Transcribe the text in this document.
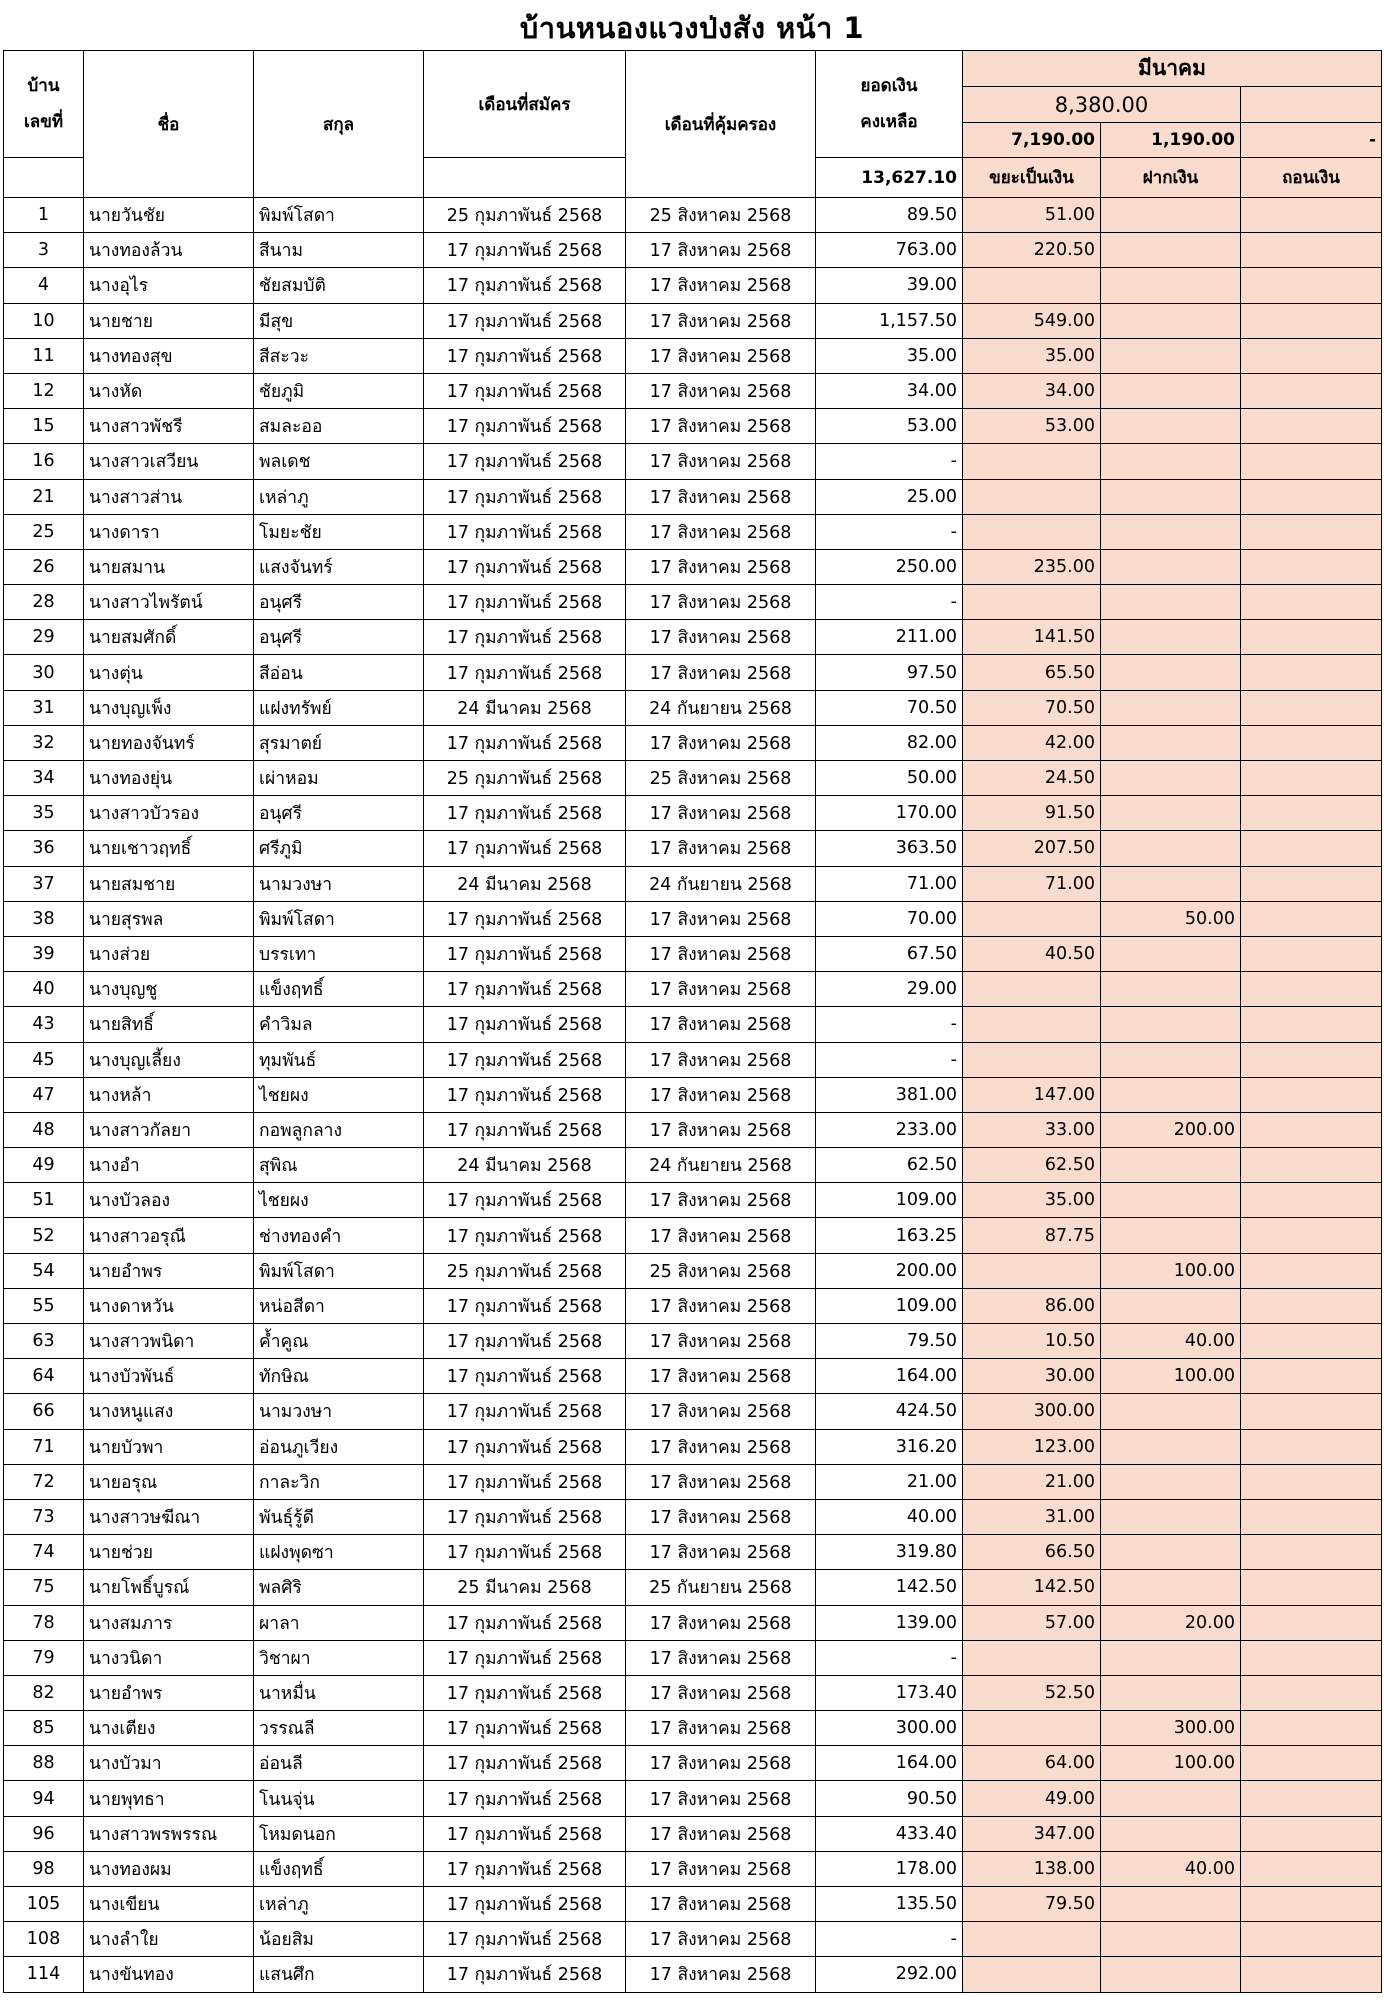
บ้านหนองแวงป่งสัง หน้า 1
บ้าน
เลขที่	ชื่อ	สกุล	เดือนที่สมัคร	เดือนที่คุ้มครอง	ยอดเงิน
คงเหลือ	มีนาคม		
						8,380.00		
						7,190.00	1,190.00	-
					13,627.10	ขยะเป็นเงิน	ฝากเงิน	ถอนเงิน
1	นายวันชัย	พิมพ์โสดา	25 กุมภาพันธ์ 2568	25 สิงหาคม 2568	89.50	51.00		
3	นางทองล้วน	สีนาม	17 กุมภาพันธ์ 2568	17 สิงหาคม 2568	763.00	220.50		
4	นางอุไร	ชัยสมบัติ	17 กุมภาพันธ์ 2568	17 สิงหาคม 2568	39.00			
10	นายชาย	มีสุข	17 กุมภาพันธ์ 2568	17 สิงหาคม 2568	1,157.50	549.00		
11	นางทองสุข	สีสะวะ	17 กุมภาพันธ์ 2568	17 สิงหาคม 2568	35.00	35.00		
12	นางหัด	ชัยภูมิ	17 กุมภาพันธ์ 2568	17 สิงหาคม 2568	34.00	34.00		
15	นางสาวพัชรี	สมละออ	17 กุมภาพันธ์ 2568	17 สิงหาคม 2568	53.00	53.00		
16	นางสาวเสวียน	พลเดช	17 กุมภาพันธ์ 2568	17 สิงหาคม 2568	-			
21	นางสาวส่าน	เหล่าภู	17 กุมภาพันธ์ 2568	17 สิงหาคม 2568	25.00			
25	นางดารา	โมยะชัย	17 กุมภาพันธ์ 2568	17 สิงหาคม 2568	-			
26	นายสมาน	แสงจันทร์	17 กุมภาพันธ์ 2568	17 สิงหาคม 2568	250.00	235.00		
28	นางสาวไพรัตน์	อนุศรี	17 กุมภาพันธ์ 2568	17 สิงหาคม 2568	-			
29	นายสมศักดิ์	อนุศรี	17 กุมภาพันธ์ 2568	17 สิงหาคม 2568	211.00	141.50		
30	นางตุ่น	สีอ่อน	17 กุมภาพันธ์ 2568	17 สิงหาคม 2568	97.50	65.50		
31	นางบุญเพ็ง	แฝงทรัพย์	24 มีนาคม 2568	24 กันยายน 2568	70.50	70.50		
32	นายทองจันทร์	สุรมาตย์	17 กุมภาพันธ์ 2568	17 สิงหาคม 2568	82.00	42.00		
34	นางทองยุ่น	เผ่าหอม	25 กุมภาพันธ์ 2568	25 สิงหาคม 2568	50.00	24.50		
35	นางสาวบัวรอง	อนุศรี	17 กุมภาพันธ์ 2568	17 สิงหาคม 2568	170.00	91.50		
36	นายเชาวฤทธิ์	ศรีภูมิ	17 กุมภาพันธ์ 2568	17 สิงหาคม 2568	363.50	207.50		
37	นายสมชาย	นามวงษา	24 มีนาคม 2568	24 กันยายน 2568	71.00	71.00		
38	นายสุรพล	พิมพ์โสดา	17 กุมภาพันธ์ 2568	17 สิงหาคม 2568	70.00		50.00	
39	นางส่วย	บรรเทา	17 กุมภาพันธ์ 2568	17 สิงหาคม 2568	67.50	40.50		
40	นางบุญชู	แข็งฤทธิ์	17 กุมภาพันธ์ 2568	17 สิงหาคม 2568	29.00			
43	นายสิทธิ์	คำวิมล	17 กุมภาพันธ์ 2568	17 สิงหาคม 2568	-			
45	นางบุญเลี้ยง	ทุมพันธ์	17 กุมภาพันธ์ 2568	17 สิงหาคม 2568	-			
47	นางหล้า	ไชยผง	17 กุมภาพันธ์ 2568	17 สิงหาคม 2568	381.00	147.00		
48	นางสาวกัลยา	กอพลูกลาง	17 กุมภาพันธ์ 2568	17 สิงหาคม 2568	233.00	33.00	200.00	
49	นางอำ	สุพิณ	24 มีนาคม 2568	24 กันยายน 2568	62.50	62.50		
51	นางบัวลอง	ไชยผง	17 กุมภาพันธ์ 2568	17 สิงหาคม 2568	109.00	35.00		
52	นางสาวอรุณี	ช่างทองคำ	17 กุมภาพันธ์ 2568	17 สิงหาคม 2568	163.25	87.75		
54	นายอำพร	พิมพ์โสดา	25 กุมภาพันธ์ 2568	25 สิงหาคม 2568	200.00		100.00	
55	นางดาหวัน	หน่อสีดา	17 กุมภาพันธ์ 2568	17 สิงหาคม 2568	109.00	86.00		
63	นางสาวพนิดา	ค้ำคูณ	17 กุมภาพันธ์ 2568	17 สิงหาคม 2568	79.50	10.50	40.00	
64	นางบัวพันธ์	ทักษิณ	17 กุมภาพันธ์ 2568	17 สิงหาคม 2568	164.00	30.00	100.00	
66	นางหนูแสง	นามวงษา	17 กุมภาพันธ์ 2568	17 สิงหาคม 2568	424.50	300.00		
71	นายบัวพา	อ่อนภูเวียง	17 กุมภาพันธ์ 2568	17 สิงหาคม 2568	316.20	123.00		
72	นายอรุณ	กาละวิก	17 กุมภาพันธ์ 2568	17 สิงหาคม 2568	21.00	21.00		
73	นางสาวษฆีณา	พันธุ์รู้ดี	17 กุมภาพันธ์ 2568	17 สิงหาคม 2568	40.00	31.00		
74	นายช่วย	แฝงพุดซา	17 กุมภาพันธ์ 2568	17 สิงหาคม 2568	319.80	66.50		
75	นายโพธิ์บูรณ์	พลศิริ	25 มีนาคม 2568	25 กันยายน 2568	142.50	142.50		
78	นางสมภาร	ผาลา	17 กุมภาพันธ์ 2568	17 สิงหาคม 2568	139.00	57.00	20.00	
79	นางวนิดา	วิชาผา	17 กุมภาพันธ์ 2568	17 สิงหาคม 2568	-			
82	นายอำพร	นาหมื่น	17 กุมภาพันธ์ 2568	17 สิงหาคม 2568	173.40	52.50		
85	นางเตียง	วรรณลี	17 กุมภาพันธ์ 2568	17 สิงหาคม 2568	300.00		300.00	
88	นางบัวมา	อ่อนลี	17 กุมภาพันธ์ 2568	17 สิงหาคม 2568	164.00	64.00	100.00	
94	นายพุทธา	โนนจุ่น	17 กุมภาพันธ์ 2568	17 สิงหาคม 2568	90.50	49.00		
96	นางสาวพรพรรณ	โหมดนอก	17 กุมภาพันธ์ 2568	17 สิงหาคม 2568	433.40	347.00		
98	นางทองผม	แข็งฤทธิ์	17 กุมภาพันธ์ 2568	17 สิงหาคม 2568	178.00	138.00	40.00	
105	นางเขียน	เหล่าภู	17 กุมภาพันธ์ 2568	17 สิงหาคม 2568	135.50	79.50		
108	นางลำใย	น้อยสิม	17 กุมภาพันธ์ 2568	17 สิงหาคม 2568	-			
114	นางขันทอง	แสนศึก	17 กุมภาพันธ์ 2568	17 สิงหาคม 2568	292.00			
